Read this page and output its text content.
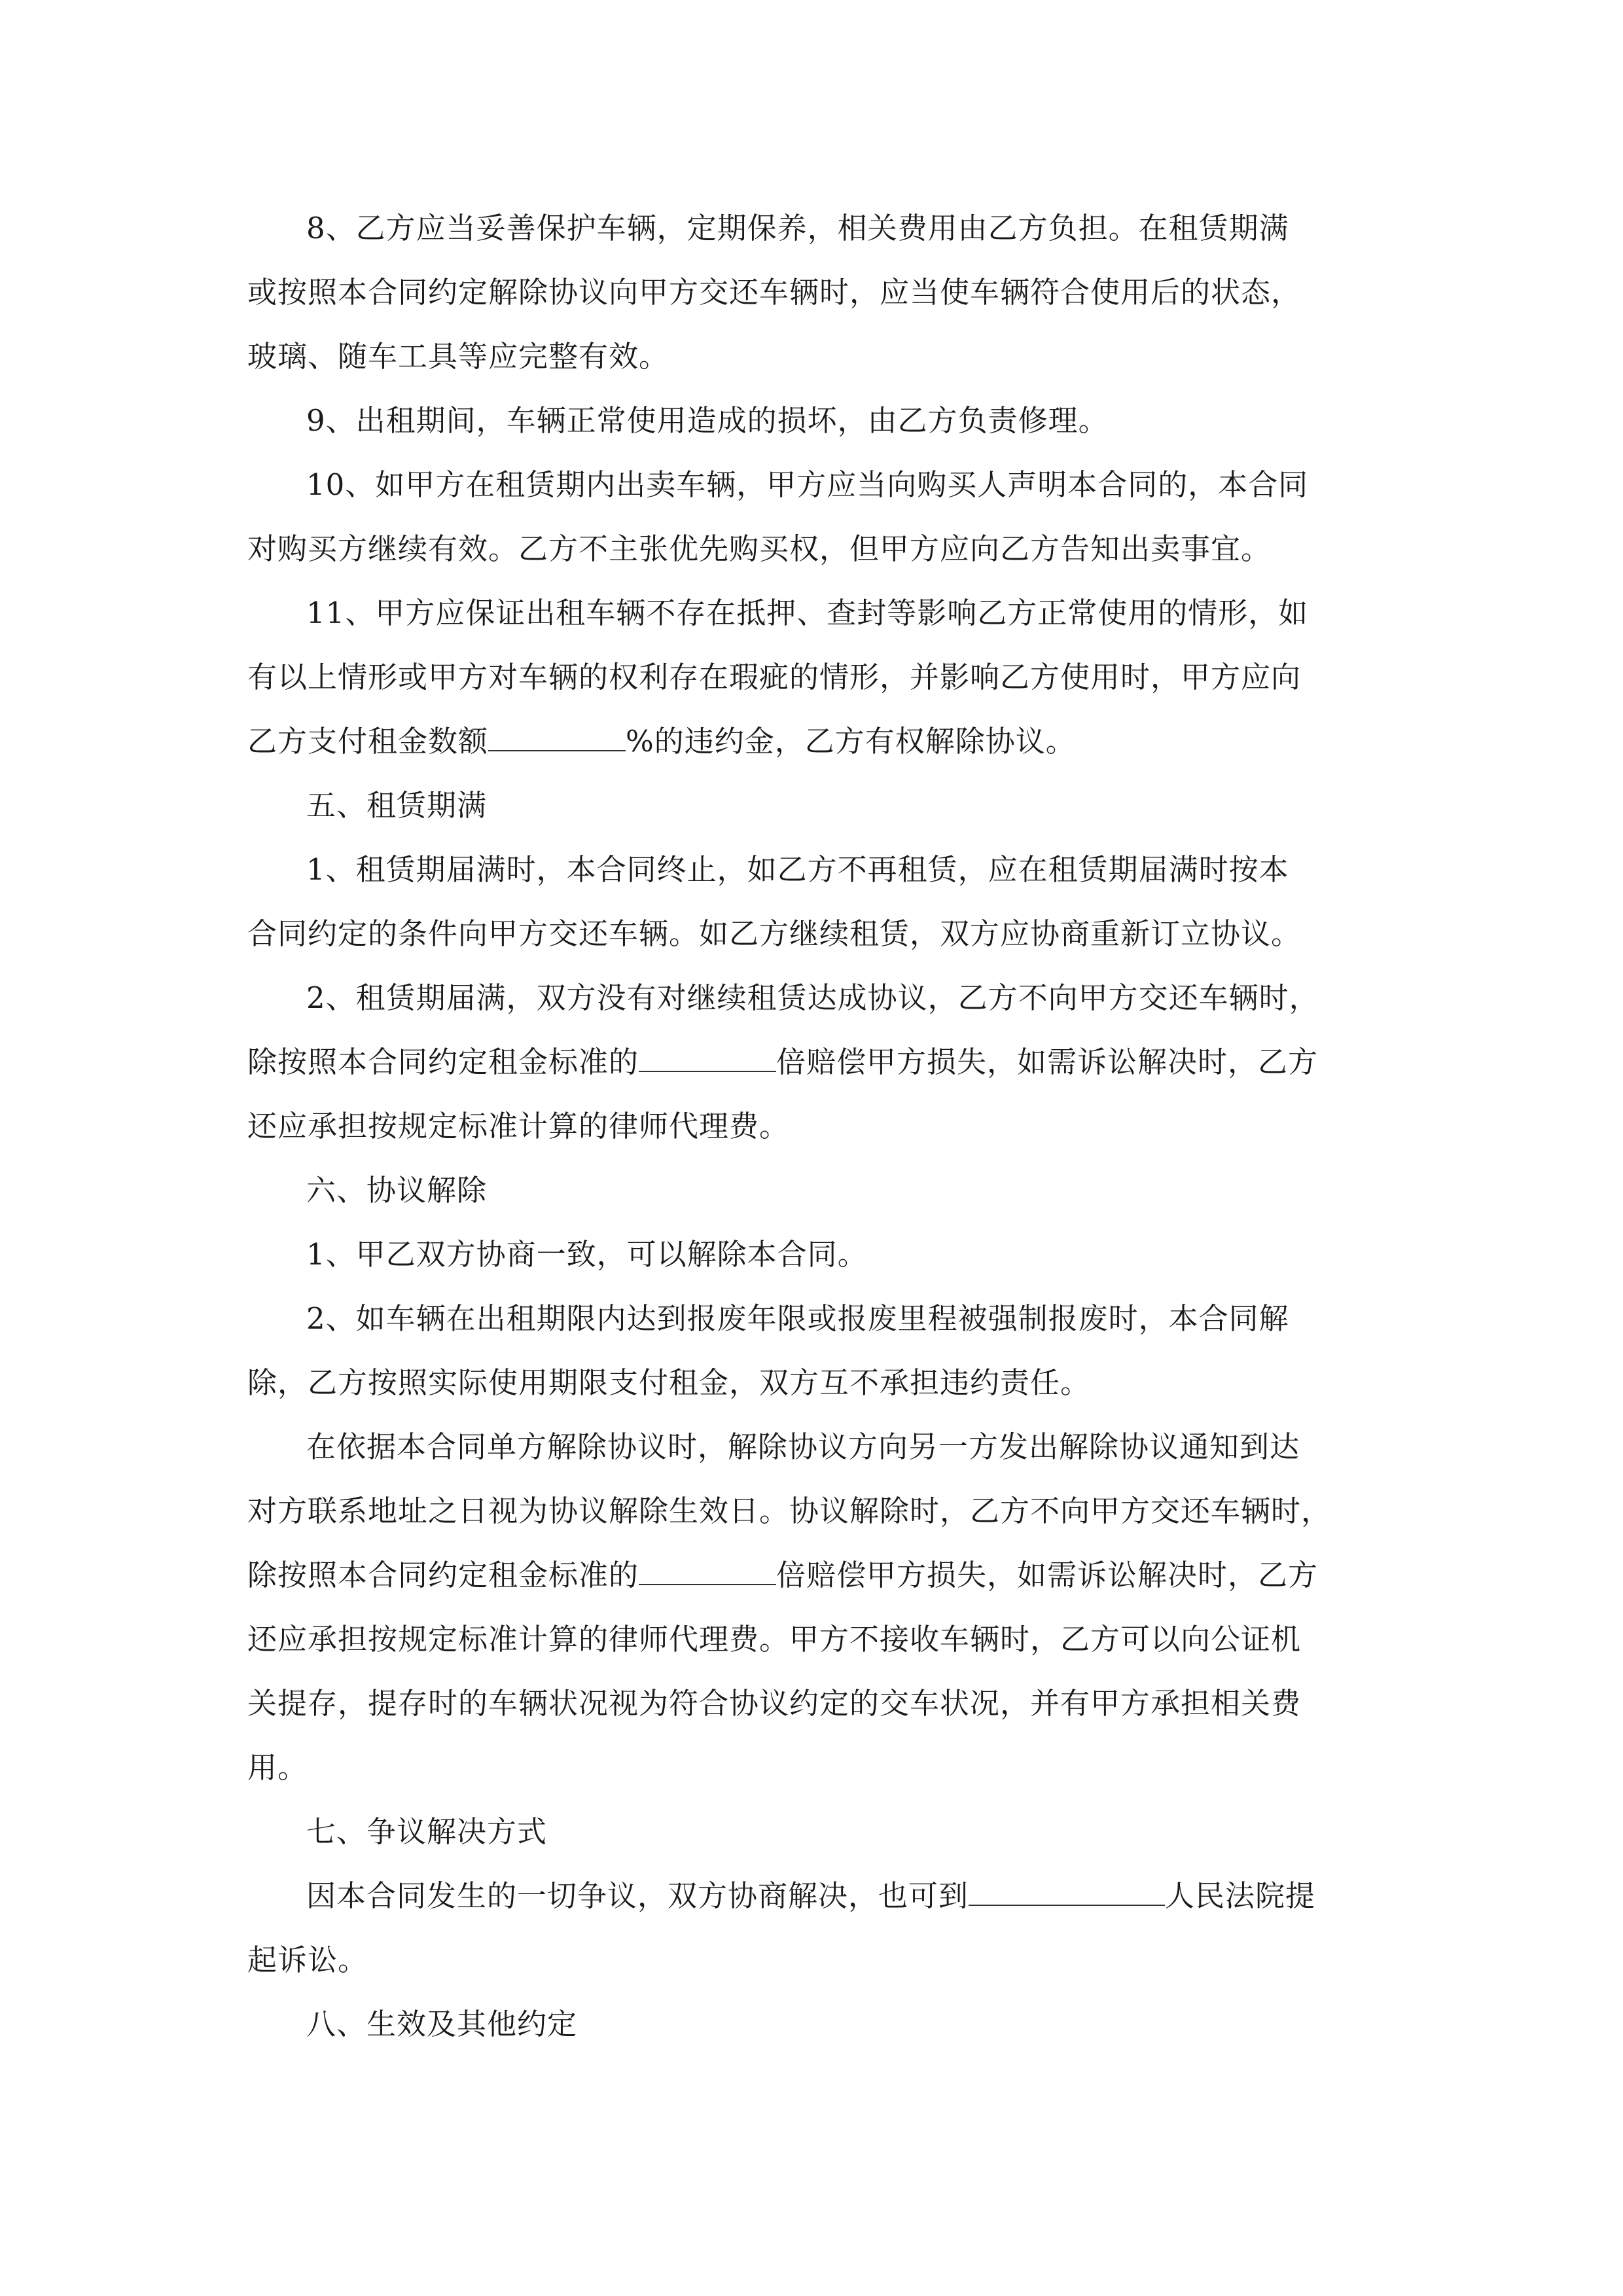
8、乙方应当妥善保护车辆，定期保养，相关费用由乙方负担。在租赁期满
或按照本合同约定解除协议向甲方交还车辆时，应当使车辆符合使用后的状态，
玻璃、随车工具等应完整有效。

9、出租期间，车辆正常使用造成的损坏，由乙方负责修理。

10、如甲方在租赁期内出卖车辆，甲方应当向购买人声明本合同的，本合同
对购买方继续有效。乙方不主张优先购买权，但甲方应向乙方告知出卖事宜。

11、甲方应保证出租车辆不存在抵押、查封等影响乙方正常使用的情形，如
有以上情形或甲方对车辆的权利存在瑕疵的情形，并影响乙方使用时，甲方应向
乙方支付租金数额	%的违约金，乙方有权解除协议。

五、租赁期满

1、租赁期届满时，本合同终止，如乙方不再租赁，应在租赁期届满时按本
合同约定的条件向甲方交还车辆。如乙方继续租赁，双方应协商重新订立协议。

2、租赁期届满，双方没有对继续租赁达成协议，乙方不向甲方交还车辆时，
除按照本合同约定租金标准的	倍赔偿甲方损失，如需诉讼解决时，乙方
还应承担按规定标准计算的律师代理费。

六、协议解除

1、甲乙双方协商一致，可以解除本合同。

2、如车辆在出租期限内达到报废年限或报废里程被强制报废时，本合同解
除，乙方按照实际使用期限支付租金，双方互不承担违约责任。

在依据本合同单方解除协议时，解除协议方向另一方发出解除协议通知到达
对方联系地址之日视为协议解除生效日。协议解除时，乙方不向甲方交还车辆时，
除按照本合同约定租金标准的	倍赔偿甲方损失，如需诉讼解决时，乙方
还应承担按规定标准计算的律师代理费。甲方不接收车辆时，乙方可以向公证机
关提存，提存时的车辆状况视为符合协议约定的交车状况，并有甲方承担相关费
用。

七、争议解决方式

因本合同发生的一切争议，双方协商解决，也可到	人民法院提
起诉讼。

八、生效及其他约定
